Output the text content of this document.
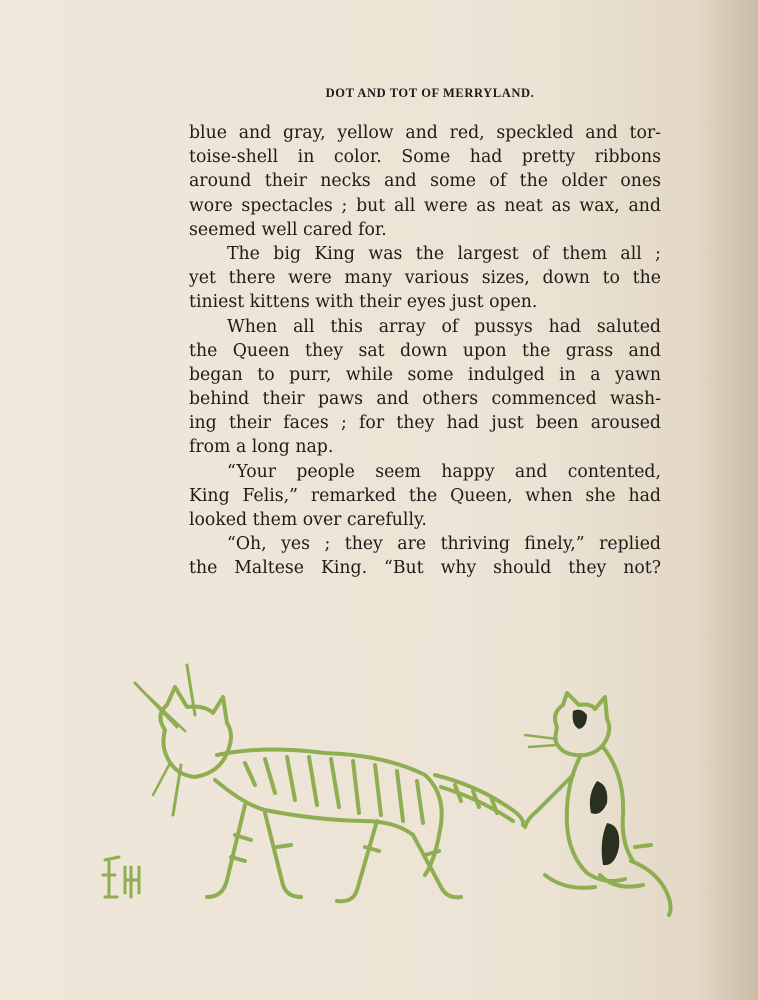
DOT AND TOT OF MERRYLAND.
blue and gray, yellow and red, speckled and tor-
toise-shell in color. Some had pretty ribbons
around their necks and some of the older ones
wore spectacles ; but all were as neat as wax, and
seemed well cared for.
The big King was the largest of them all ;
yet there were many various sizes, down to the
tiniest kittens with their eyes just open.
When all this array of pussys had saluted
the Queen they sat down upon the grass and
began to purr, while some indulged in a yawn
behind their paws and others commenced wash-
ing their faces ; for they had just been aroused
from a long nap.
“Your people seem happy and contented,
King Felis,” remarked the Queen, when she had
looked them over carefully.
“Oh, yes ; they are thriving finely,” replied
the Maltese King. “But why should they not?
